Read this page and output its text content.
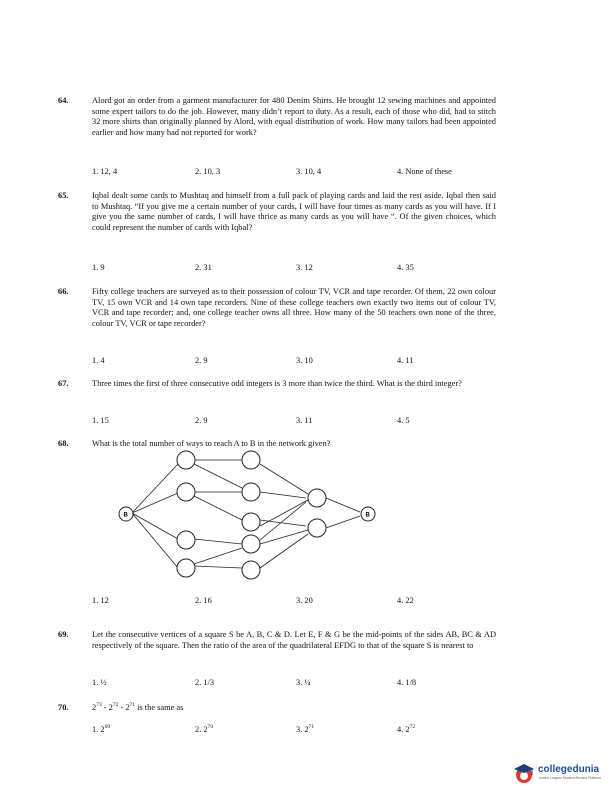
64.	Alord got an order from a garment manufacturer for 480 Denim Shirts. He brought 12 sewing machines and appointed some expert tailors to do the job. However, many didn’t report to duty. As a result, each of those who did, had to stitch 32 more shirts than originally planned by Alord, with equal distribution of work. How many tailors had been appointed earlier and how many had not reported for work?
1. 12, 4	2. 10, 3	3. 10, 4	4. None of these
65.	Iqbal dealt some cards to Mushtaq and himself from a full pack of playing cards and laid the rest aside. Iqbal then said to Mushtaq. “If you give me a certain number of your cards, I will have four times as many cards as you will have. If I give you the same number of cards, I will have thrice as many cards as you will have “. Of the given choices, which could represent the number of cards with Iqbal?
1. 9	2. 31	3. 12	4. 35
66.	Fifty college teachers are surveyed as to their possession of colour TV, VCR and tape recorder. Of them, 22 own colour TV, 15 own VCR and 14 own tape recorders. Nine of these college teachers own exactly two items out of colour TV, VCR and tape recorder; and, one college teacher owns all three. How many of the 50 teachers own none of the three, colour TV, VCR or tape recorder?
1. 4	2. 9	3. 10	4. 11
67.	Three times the first of three consecutive odd integers is 3 more than twice the third. What is the third integer?
1. 15	2. 9	3. 11	4. 5
68.	What is the total number of ways to reach A to B in the network given?
B	B
1. 12	2. 16	3. 20	4. 22
69.	Let the consecutive vertices of a square S be A, B, C & D. Let E, F & G be the mid-points of the sides AB, BC & AD respectively of the square. Then the ratio of the area of the quadrilateral EFDG to that of the square S is nearest to
1. ½	2. 1/3	3. ¼	4. 1/8
70.	$2^{73} - 2^{72} - 2^{71}$ is the same as
1. $2^{69}$	2. $2^{70}$	3. $2^{71}$	4. $2^{72}$
collegedunia
India's Largest Student Review Platform
